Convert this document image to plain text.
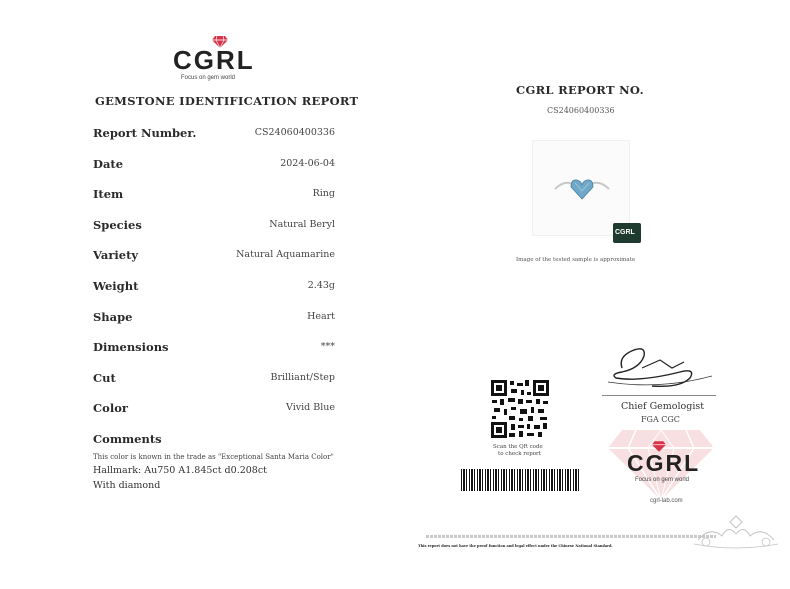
CGRL
Focus on gem world
GEMSTONE IDENTIFICATION REPORT
Report Number.	CS24060400336
Date	2024-06-04
Item	Ring
Species	Natural Beryl
Variety	Natural Aquamarine
Weight	2.43g
Shape	Heart
Dimensions	***
Cut	Brilliant/Step
Color	Vivid Blue
Comments
This color is known in the trade as "Exceptional Santa Maria Color"
Hallmark: Au750 A1.845ct d0.208ct
With diamond
CGRL REPORT NO.
CS24060400336
CGRL
Image of the tested sample is approximate
Scan the QR code
to check report
Chief Gemologist
FGA CGC
CGRL
Focus on gem world
cgrl-lab.com
This report does not have the proof function and legal effect under the Chinese National Standard.
